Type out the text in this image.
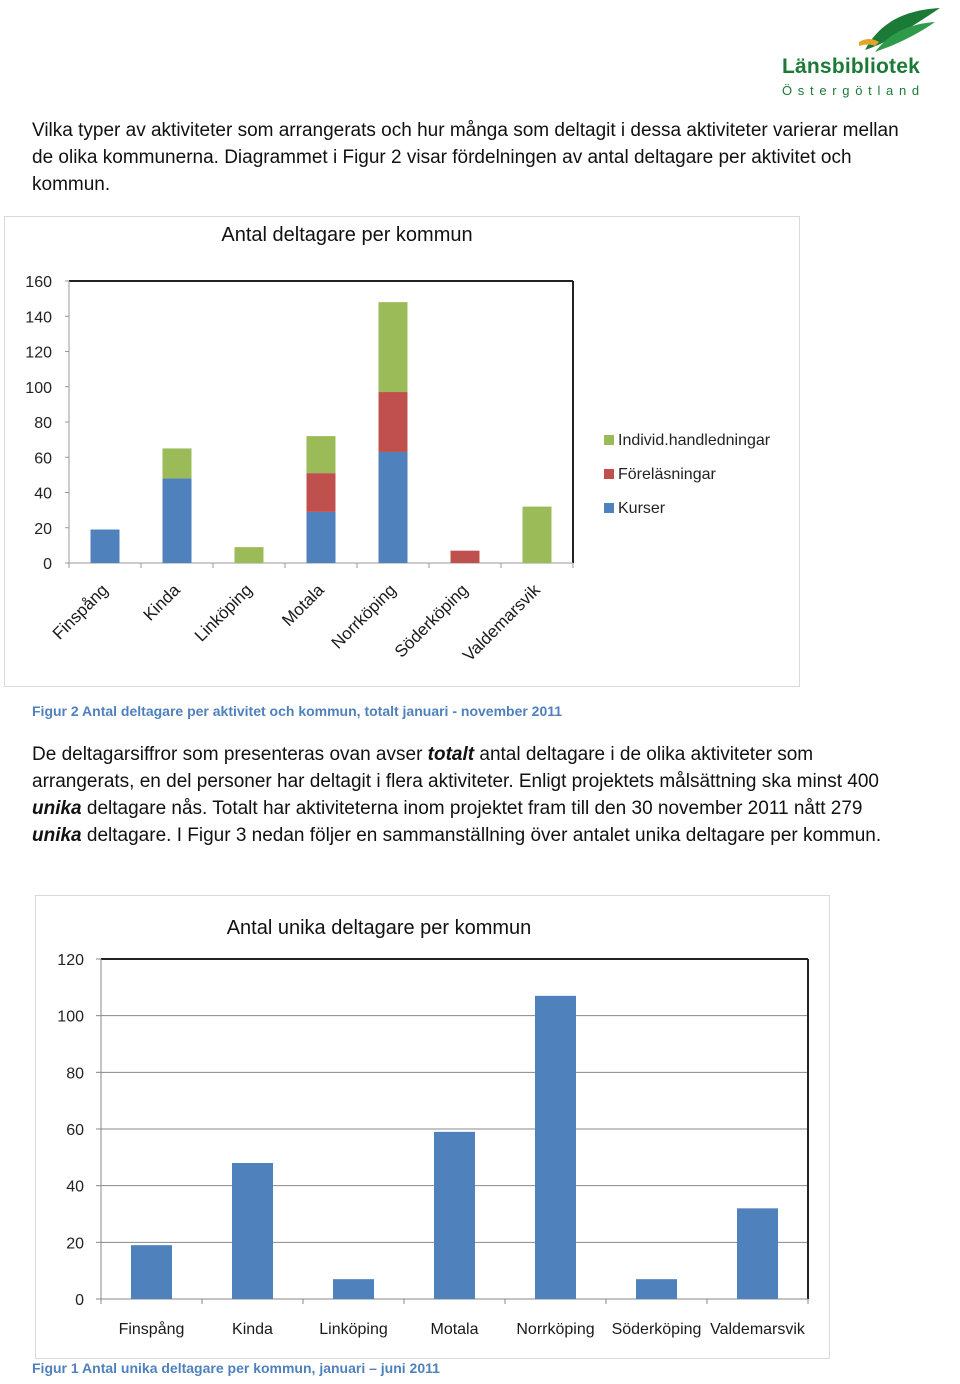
Länsbibliotek
Östergötland
Vilka typer av aktiviteter som arrangerats och hur många som deltagit i dessa aktiviteter varierar mellan de olika kommunerna. Diagrammet i Figur 2 visar fördelningen av antal deltagare per aktivitet och kommun.
Antal deltagare per kommun
0
20
40
60
80
100
120
140
160
Finspång Kinda Linköping Motala Norrköping
Söderköping
Valdemarsvik
Individ.handledningar
Föreläsningar
Kurser
Figur 2 Antal deltagare per aktivitet och kommun, totalt januari - november 2011
De deltagarsiffror som presenteras ovan avser totalt antal deltagare i de olika aktiviteter som arrangerats, en del personer har deltagit i flera aktiviteter. Enligt projektets målsättning ska minst 400 unika deltagare nås. Totalt har aktiviteterna inom projektet fram till den 30 november 2011 nått 279 unika deltagare. I Figur 3 nedan följer en sammanställning över antalet unika deltagare per kommun.
Antal unika deltagare per kommun
0
20
40
60
80
100
120
Finspång	Kinda	Linköping	Motala Norrköping Söderköping Valdemarsvik
Figur 1 Antal unika deltagare per kommun, januari – juni 2011
